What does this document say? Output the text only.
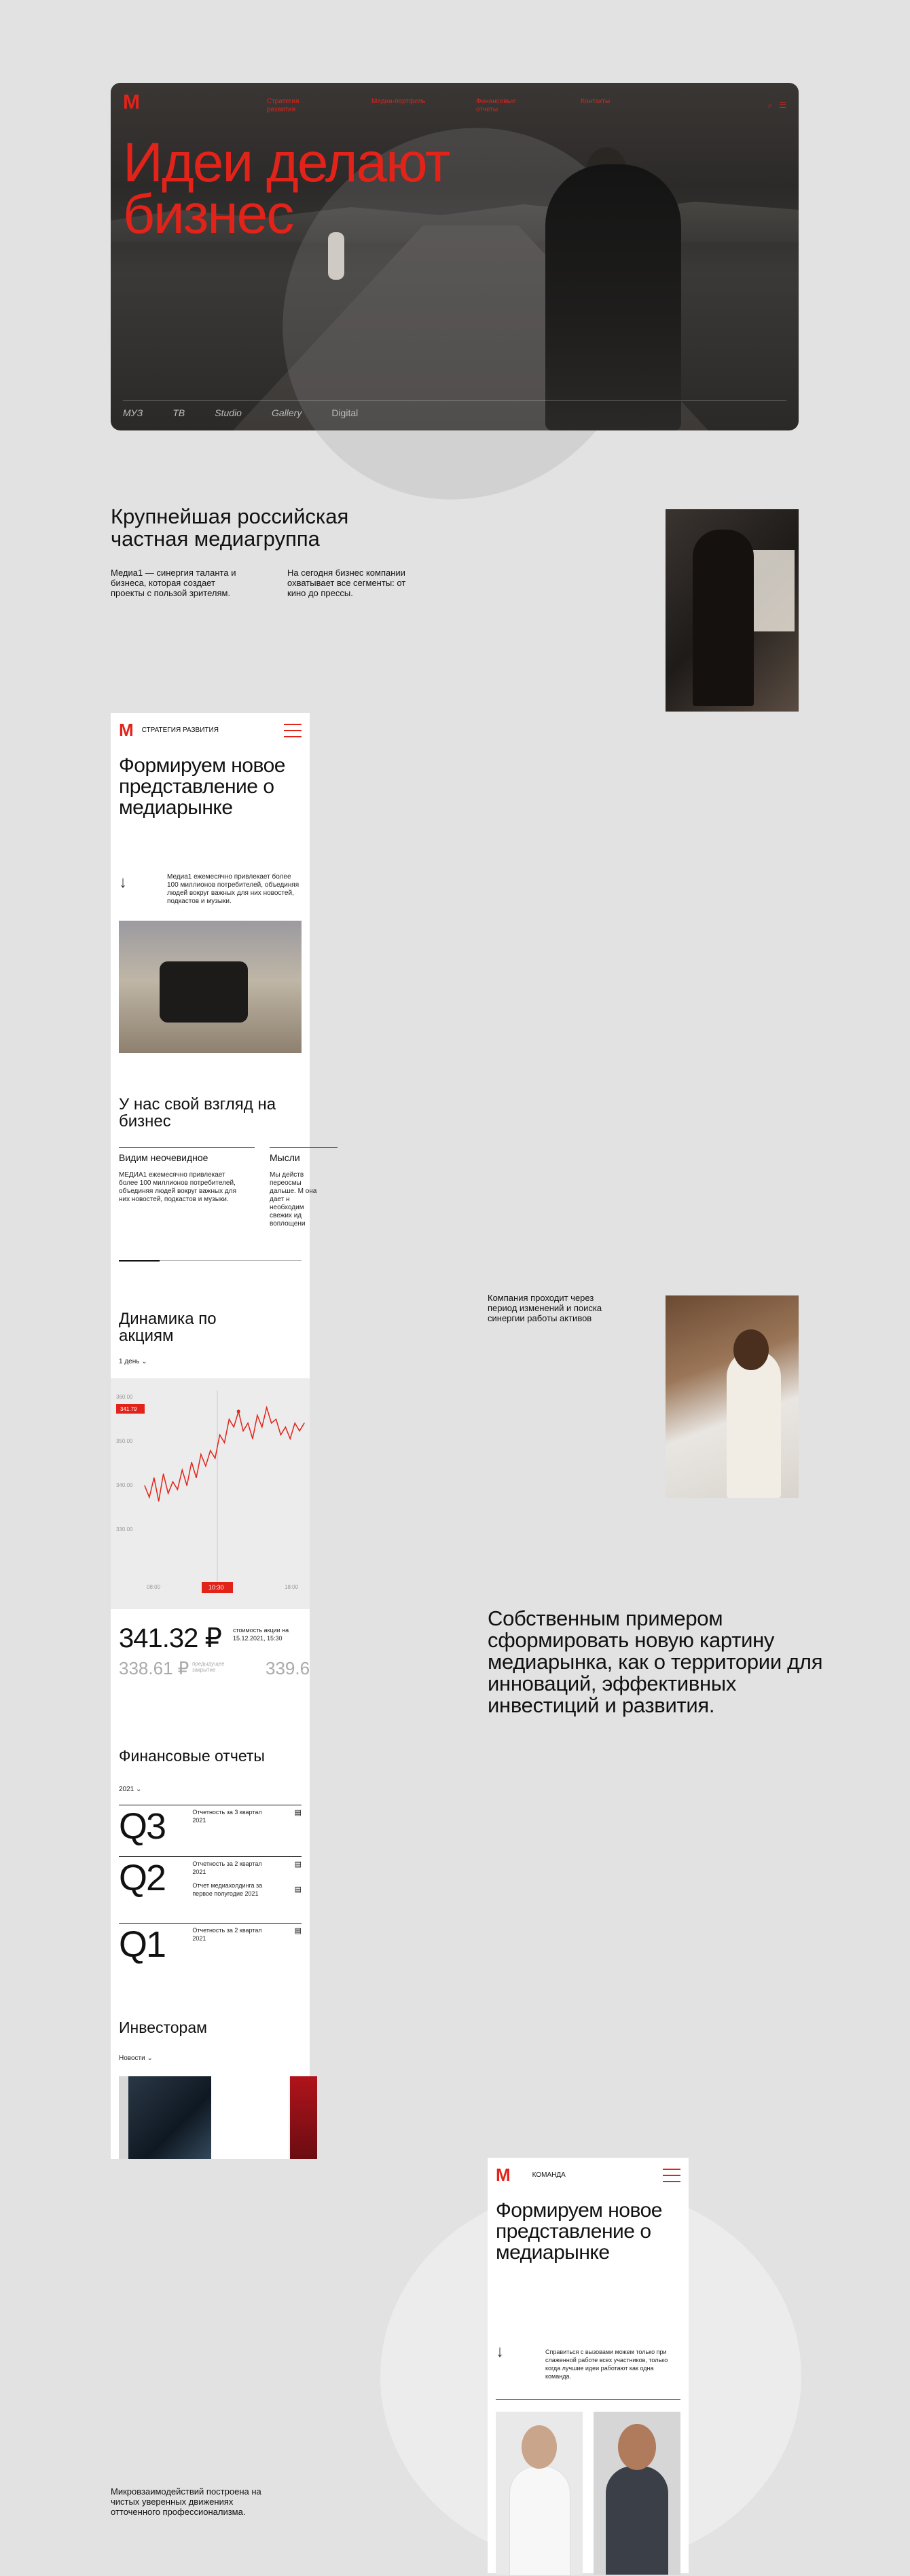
M	Стратегия развития
Медиа-портфель	Финансовые отчеты
Контакты	⌕ ☰
Идеи делают
бизнес
МУЗ	ТВ	Studio	Gallery	Digital
Крупнейшая российская частная медиагруппа
Медиа1 — синергия таланта и бизнеса, которая создает проекты с пользой зрителям.
На сегодня бизнес компании охватывает все сегменты: от кино до прессы.
M СТРАТЕГИЯ РАЗВИТИЯ
Формируем новое представление о медиарынке
↓	Медиа1 ежемесячно привлекает более 100 миллионов потребителей, объединяя людей вокруг важных для них новостей, подкастов и музыки.
У нас свой взгляд на бизнес
Видим неочевидное
МЕДИА1 ежемесячно привлекает более 100 миллионов потребителей, объединяя людей вокруг важных для них новостей, подкастов и музыки.
Мысли
Мы действ переосмы дальше. М она дает н необходим свежих ид воплощени
Динамика по акциям
1 день ⌄
360.00
350.00
340.00
330.00
341.79
08:00	10:30	18:00
341.32 ₽ стоимость акции на 15.12.2021, 15:30
338.61 ₽ предыдущее закрытие	339.6
Финансовые отчеты
2021 ⌄
Q3	Отчетность за 3 квартал 2021
▤
Q2	Отчетность за 2 квартал 2021
Отчет медиахолдинга за первое полугодие 2021
▤
▤
Q1	Отчетность за 2 квартал 2021
▤
Инвесторам
Новости ⌄
Компания проходит через период изменений и поиска синергии работы активов
Собственным примером сформировать новую картину медиарынка, как о территории для инноваций, эффективных инвестиций и развития.
M	КОМАНДА
Формируем новое представление о медиарынке
↓	Справиться с вызовами можем только при слаженной работе всех участников, только когда лучшие идеи работают как одна команда.
Микровзаимодействий построена на чистых уверенных движениях отточенного профессионализма.
